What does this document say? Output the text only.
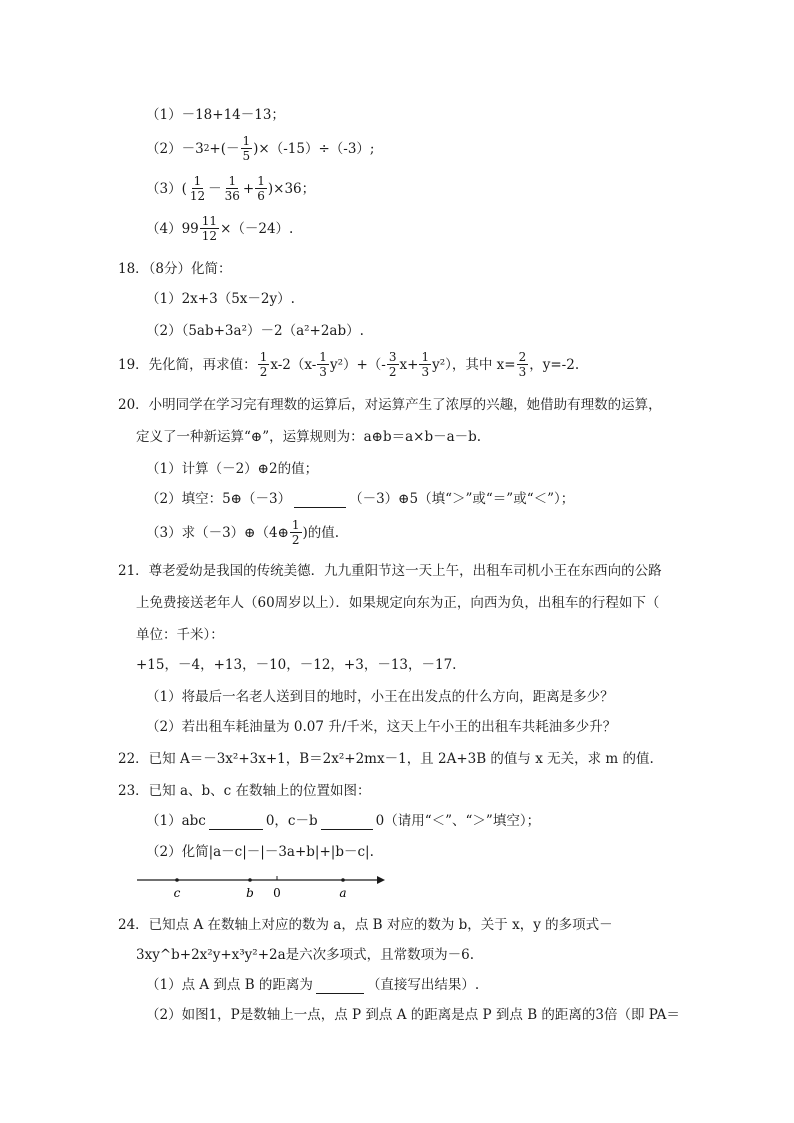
（1）－18+14－13；
（2）－3 2 +(－ $\frac{1}{5} )\times(-15)\div(-3)$;
$(3)( \frac{1}{12} - \frac{1}{36} + \frac{1}{6} )\times 36$；
$(4)99 \frac{11}{12} \times(-24)$.
18．（8分）化简：
（1）2x+3（5x－2y）.
（2）（5ab+3a²）－2（a²+2ab）.
19．先化简，再求值： $\frac{1}{2} x-2(x- \frac{1}{3} y^2)+(- \frac{3}{2} x+ \frac{1}{3} y^2)$，其中 $x= \frac{2}{3}$ ，y=-2.
20．小明同学在学习完有理数的运算后，对运算产生了浓厚的兴趣，她借助有理数的运算，
定义了一种新运算“⊕”，运算规则为：a⊕b＝a×b－a－b.
（1）计算（－2）⊕2的值；
（2）填空：5⊕（－3）	（－3）⊕5（填“＞”或“＝”或“＜”）；
（3）求（－3）⊕（4⊕ $\frac{1}{2}$ )的值.
21．尊老爱幼是我国的传统美德．九九重阳节这一天上午，出租车司机小王在东西向的公路
上免费接送老年人（60周岁以上）．如果规定向东为正，向西为负，出租车的行程如下（
单位：千米）：
+15，－4，+13，－10，－12，+3，－13，－17.
（1）将最后一名老人送到目的地时，小王在出发点的什么方向，距离是多少？
（2）若出租车耗油量为 0.07 升/千米，这天上午小王的出租车共耗油多少升？
22．已知 A＝－3x²+3x+1，B＝2x²+2mx－1，且 2A+3B 的值与 x 无关，求 m 的值.
23．已知 a、b、c 在数轴上的位置如图：
（1）abc	0，c－b	0（请用“＜”、“＞”填空）；
（2）化简|a－c|－|－3a+b|+|b－c|.
c	b 0	a
24．已知点 A 在数轴上对应的数为 a，点 B 对应的数为 b，关于 x，y 的多项式－
3xy^b+2x²y+x³y²+2a是六次多项式，且常数项为－6.
（1）点 A 到点 B 的距离为	（直接写出结果）.
（2）如图1，P是数轴上一点，点 P 到点 A 的距离是点 P 到点 B 的距离的3倍（即 PA＝
